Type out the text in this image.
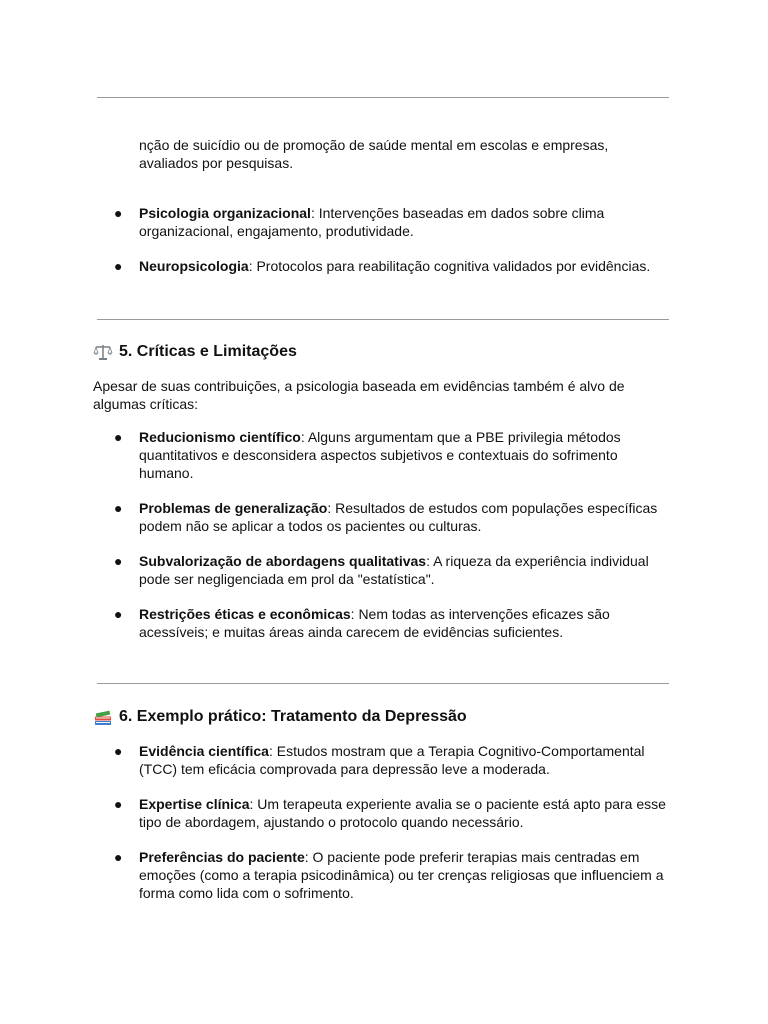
nção de suicídio ou de promoção de saúde mental em escolas e empresas, avaliados por pesquisas.
● Psicologia organizacional: Intervenções baseadas em dados sobre clima organizacional, engajamento, produtividade.
● Neuropsicologia: Protocolos para reabilitação cognitiva validados por evidências.
5. Críticas e Limitações
Apesar de suas contribuições, a psicologia baseada em evidências também é alvo de algumas críticas:
● Reducionismo científico: Alguns argumentam que a PBE privilegia métodos quantitativos e desconsidera aspectos subjetivos e contextuais do sofrimento humano.
● Problemas de generalização: Resultados de estudos com populações específicas podem não se aplicar a todos os pacientes ou culturas.
● Subvalorização de abordagens qualitativas: A riqueza da experiência individual pode ser negligenciada em prol da "estatística".
● Restrições éticas e econômicas: Nem todas as intervenções eficazes são acessíveis; e muitas áreas ainda carecem de evidências suficientes.
6. Exemplo prático: Tratamento da Depressão
● Evidência científica: Estudos mostram que a Terapia Cognitivo-Comportamental (TCC) tem eficácia comprovada para depressão leve a moderada.
● Expertise clínica: Um terapeuta experiente avalia se o paciente está apto para esse tipo de abordagem, ajustando o protocolo quando necessário.
● Preferências do paciente: O paciente pode preferir terapias mais centradas em emoções (como a terapia psicodinâmica) ou ter crenças religiosas que influenciem a forma como lida com o sofrimento.
